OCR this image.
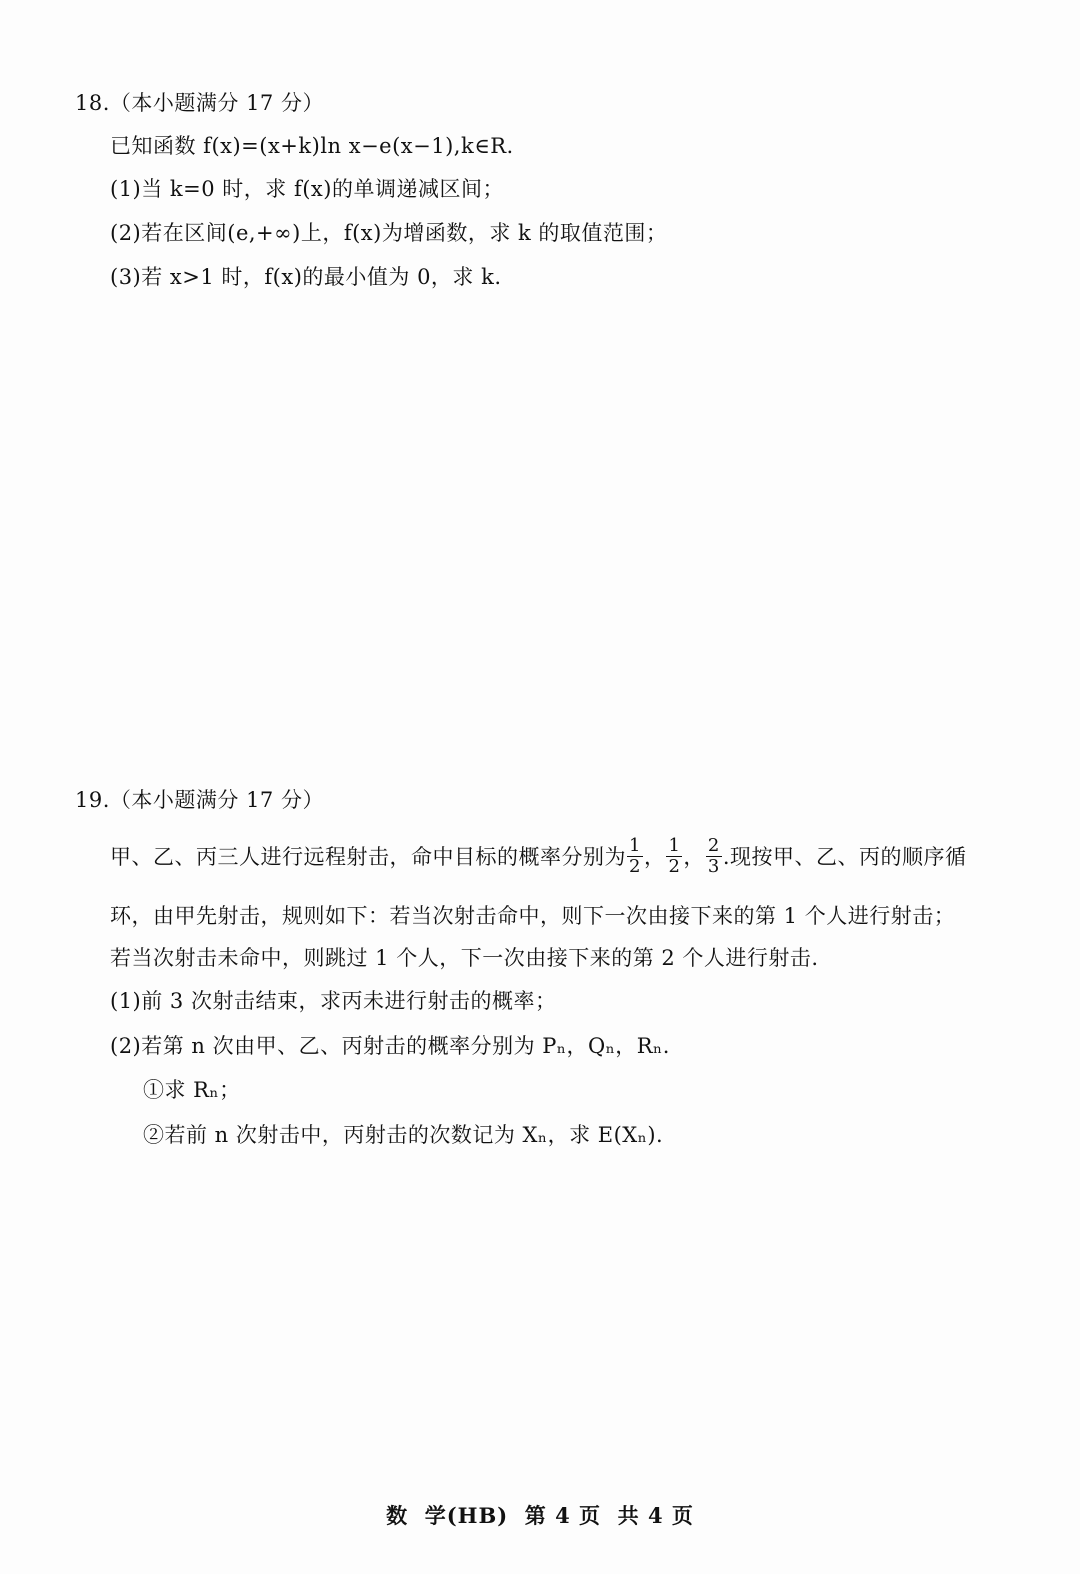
18.（本小题满分 17 分）
已知函数 f(x)=(x+k)ln x−e(x−1),k∈R.
(1)当 k=0 时，求 f(x)的单调递减区间；
(2)若在区间(e,+∞)上，f(x)为增函数，求 k 的取值范围；
(3)若 x>1 时，f(x)的最小值为 0，求 k.
19.（本小题满分 17 分）
甲、乙、丙三人进行远程射击，命中目标的概率分别为 $\frac{1}{2}$ ， $\frac{1}{2}$ ， $\frac{2}{3}$ .现按甲、乙、丙的顺序循
环，由甲先射击，规则如下：若当次射击命中，则下一次由接下来的第 1 个人进行射击；
若当次射击未命中，则跳过 1 个人，下一次由接下来的第 2 个人进行射击.
(1)前 3 次射击结束，求丙未进行射击的概率；
(2)若第 n 次由甲、乙、丙射击的概率分别为 Pₙ，Qₙ，Rₙ.
①求 Rₙ；
②若前 n 次射击中，丙射击的次数记为 Xₙ，求 E(Xₙ).
数  学(HB)  第 4 页  共 4 页
